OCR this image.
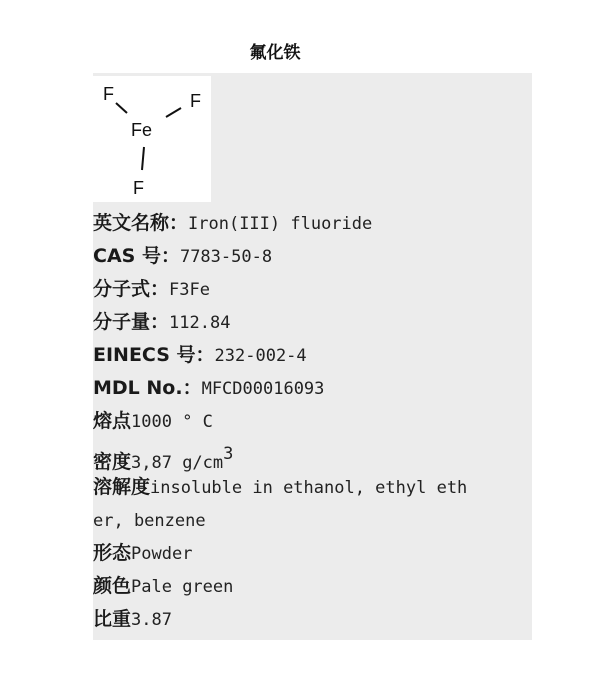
氟化铁
F	F
Fe
F
英文名称：Iron(III) fluoride
CAS 号：7783-50-8
分子式：F3Fe
分子量：112.84
EINECS 号：232-002-4
MDL No.：MFCD00016093
熔点1000 ° C
密度3,87 g/cm3
溶解度insoluble in ethanol, ethyl eth
er, benzene
形态Powder
颜色Pale green
比重3.87
